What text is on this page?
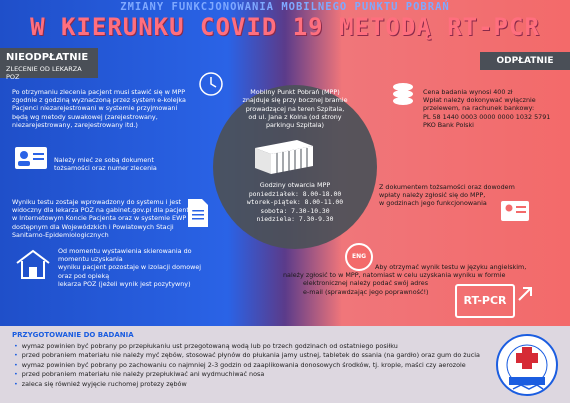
ZMIANY FUNKCJONOWANIA MOBILNEGO PUNKTU POBRAŃ
W KIERUNKU COVID 19 METODĄ RT-PCR
NIEODPŁATNIE
ZLECENIE OD LEKARZA POZ
ODPŁATNIE
Po otrzymaniu zlecenia pacjent musi stawić się w MPP
zgodnie z godziną wyznaczoną przez system e-kolejka
Pacjenci niezarejestrowani w systemie przyjmowani
będą wg metody suwakowej (zarejestrowany,
niezarejestrowany, zarejestrowany itd.)
Należy mieć ze sobą dokument
tożsamości oraz numer zlecenia
Wyniku testu zostaje wprowadzony do systemu i jest
widoczny dla lekarza POZ na gabinet.gov.pl dla pacjenta
w Internetowym Koncie Pacjenta oraz w systemie EWP
dostępnym dla Wojewódzkich i Powiatowych Stacji
Sanitarno-Epidemiologicznych
Od momentu wystawienia skierowania do momentu uzyskania
wyniku pacjent pozostaje w izolacji domowej oraz pod opieką
lekarza POZ (jeżeli wynik jest pozytywny)
Mobilny Punkt Pobrań (MPP)
znajduje się przy bocznej bramie
prowadzącej na teren Szpitala,
od ul. Jana z Kolna (od strony
parkingu Szpitala)
Godziny otwarcia MPP
poniedziałek: 8.00-18.00
wtorek-piątek: 8.00-11.00
sobota: 7.30-10.30
niedziela: 7.30-9.30
Cena badania wynosi 400 zł
Wpłat należy dokonywać wyłącznie
przelewem, na rachunek bankowy:
PL 58 1440 0003 0000 0000 1032 5791
PKO Bank Polski
Z dokumentem tożsamości oraz dowodem
wpłaty należy zgłosić się do MPP,
w godzinach jego funkcjonowania
ENG
Aby otrzymać wynik testu w języku angielskim,
należy zgłosić to w MPP, natomiast w celu uzyskania wyniku w formie
elektronicznej należy podać swój adres
e-mail (sprawdzając jego poprawność!)
RT-PCR
PRZYGOTOWANIE DO BADANIA
• wymaz powinien być pobrany po przepłukaniu ust przegotowaną wodą lub po trzech godzinach od ostatniego posiłku
• przed pobraniem materiału nie należy myć zębów, stosować płynów do płukania jamy ustnej, tabletek do ssania (na gardło) oraz gum do żucia
• wymaz powinien być pobrany po zachowaniu co najmniej 2-3 godzin od zaaplikowania donosowych środków, tj. krople, maści czy aerozole
• przed pobraniem materiału nie należy przepłukiwać ani wydmuchiwać nosa
• zaleca się również wyjęcie ruchomej protezy zębów
